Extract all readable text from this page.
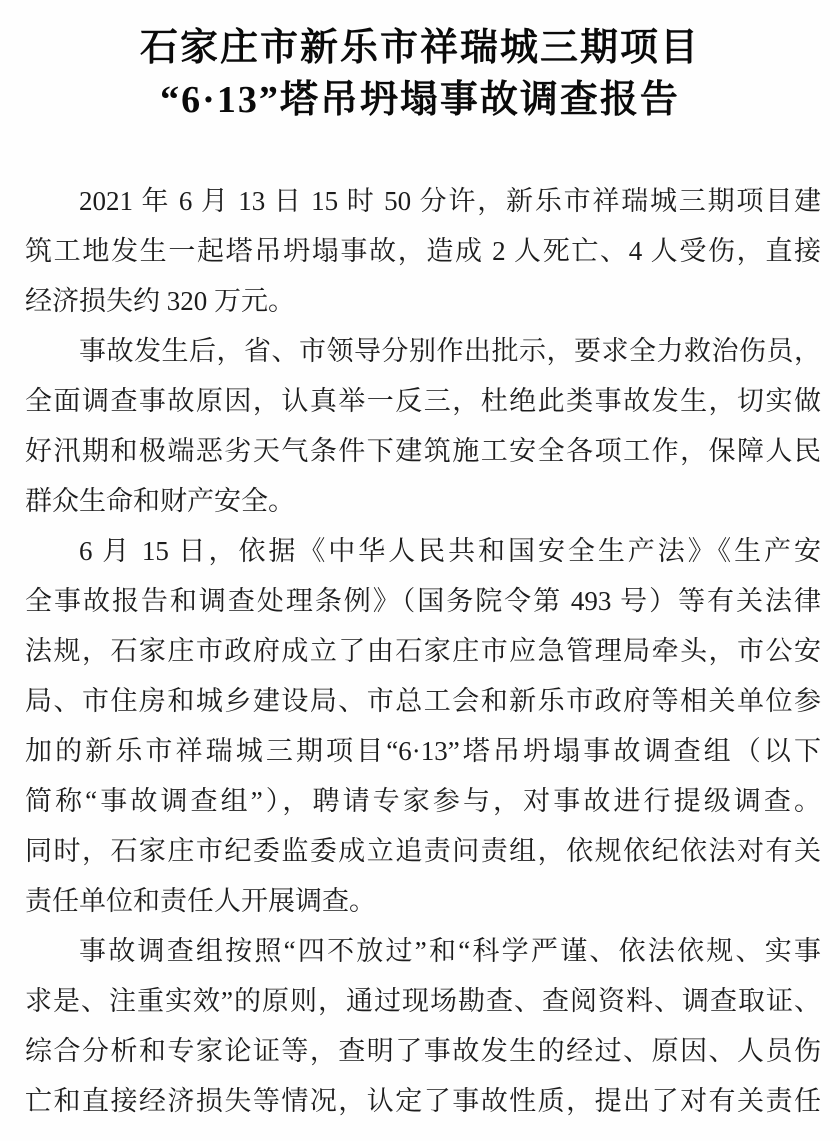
石家庄市新乐市祥瑞城三期项目
“6·13”塔吊坍塌事故调查报告
2021 年 6 月 13 日 15 时 50 分许，新乐市祥瑞城三期项目建
筑工地发生一起塔吊坍塌事故，造成 2 人死亡、4 人受伤，直接
经济损失约 320 万元。
事故发生后，省、市领导分别作出批示，要求全力救治伤员，
全面调查事故原因，认真举一反三，杜绝此类事故发生，切实做
好汛期和极端恶劣天气条件下建筑施工安全各项工作，保障人民
群众生命和财产安全。
6 月 15 日，依据《中华人民共和国安全生产法》《生产安
全事故报告和调查处理条例》（国务院令第 493 号）等有关法律
法规，石家庄市政府成立了由石家庄市应急管理局牵头，市公安
局、市住房和城乡建设局、市总工会和新乐市政府等相关单位参
加的新乐市祥瑞城三期项目“6·13”塔吊坍塌事故调查组（以下
简称“事故调查组”），聘请专家参与，对事故进行提级调查。
同时，石家庄市纪委监委成立追责问责组，依规依纪依法对有关
责任单位和责任人开展调查。
事故调查组按照“四不放过”和“科学严谨、依法依规、实事
求是、注重实效”的原则，通过现场勘查、查阅资料、调查取证、
综合分析和专家论证等，查明了事故发生的经过、原因、人员伤
亡和直接经济损失等情况，认定了事故性质，提出了对有关责任
